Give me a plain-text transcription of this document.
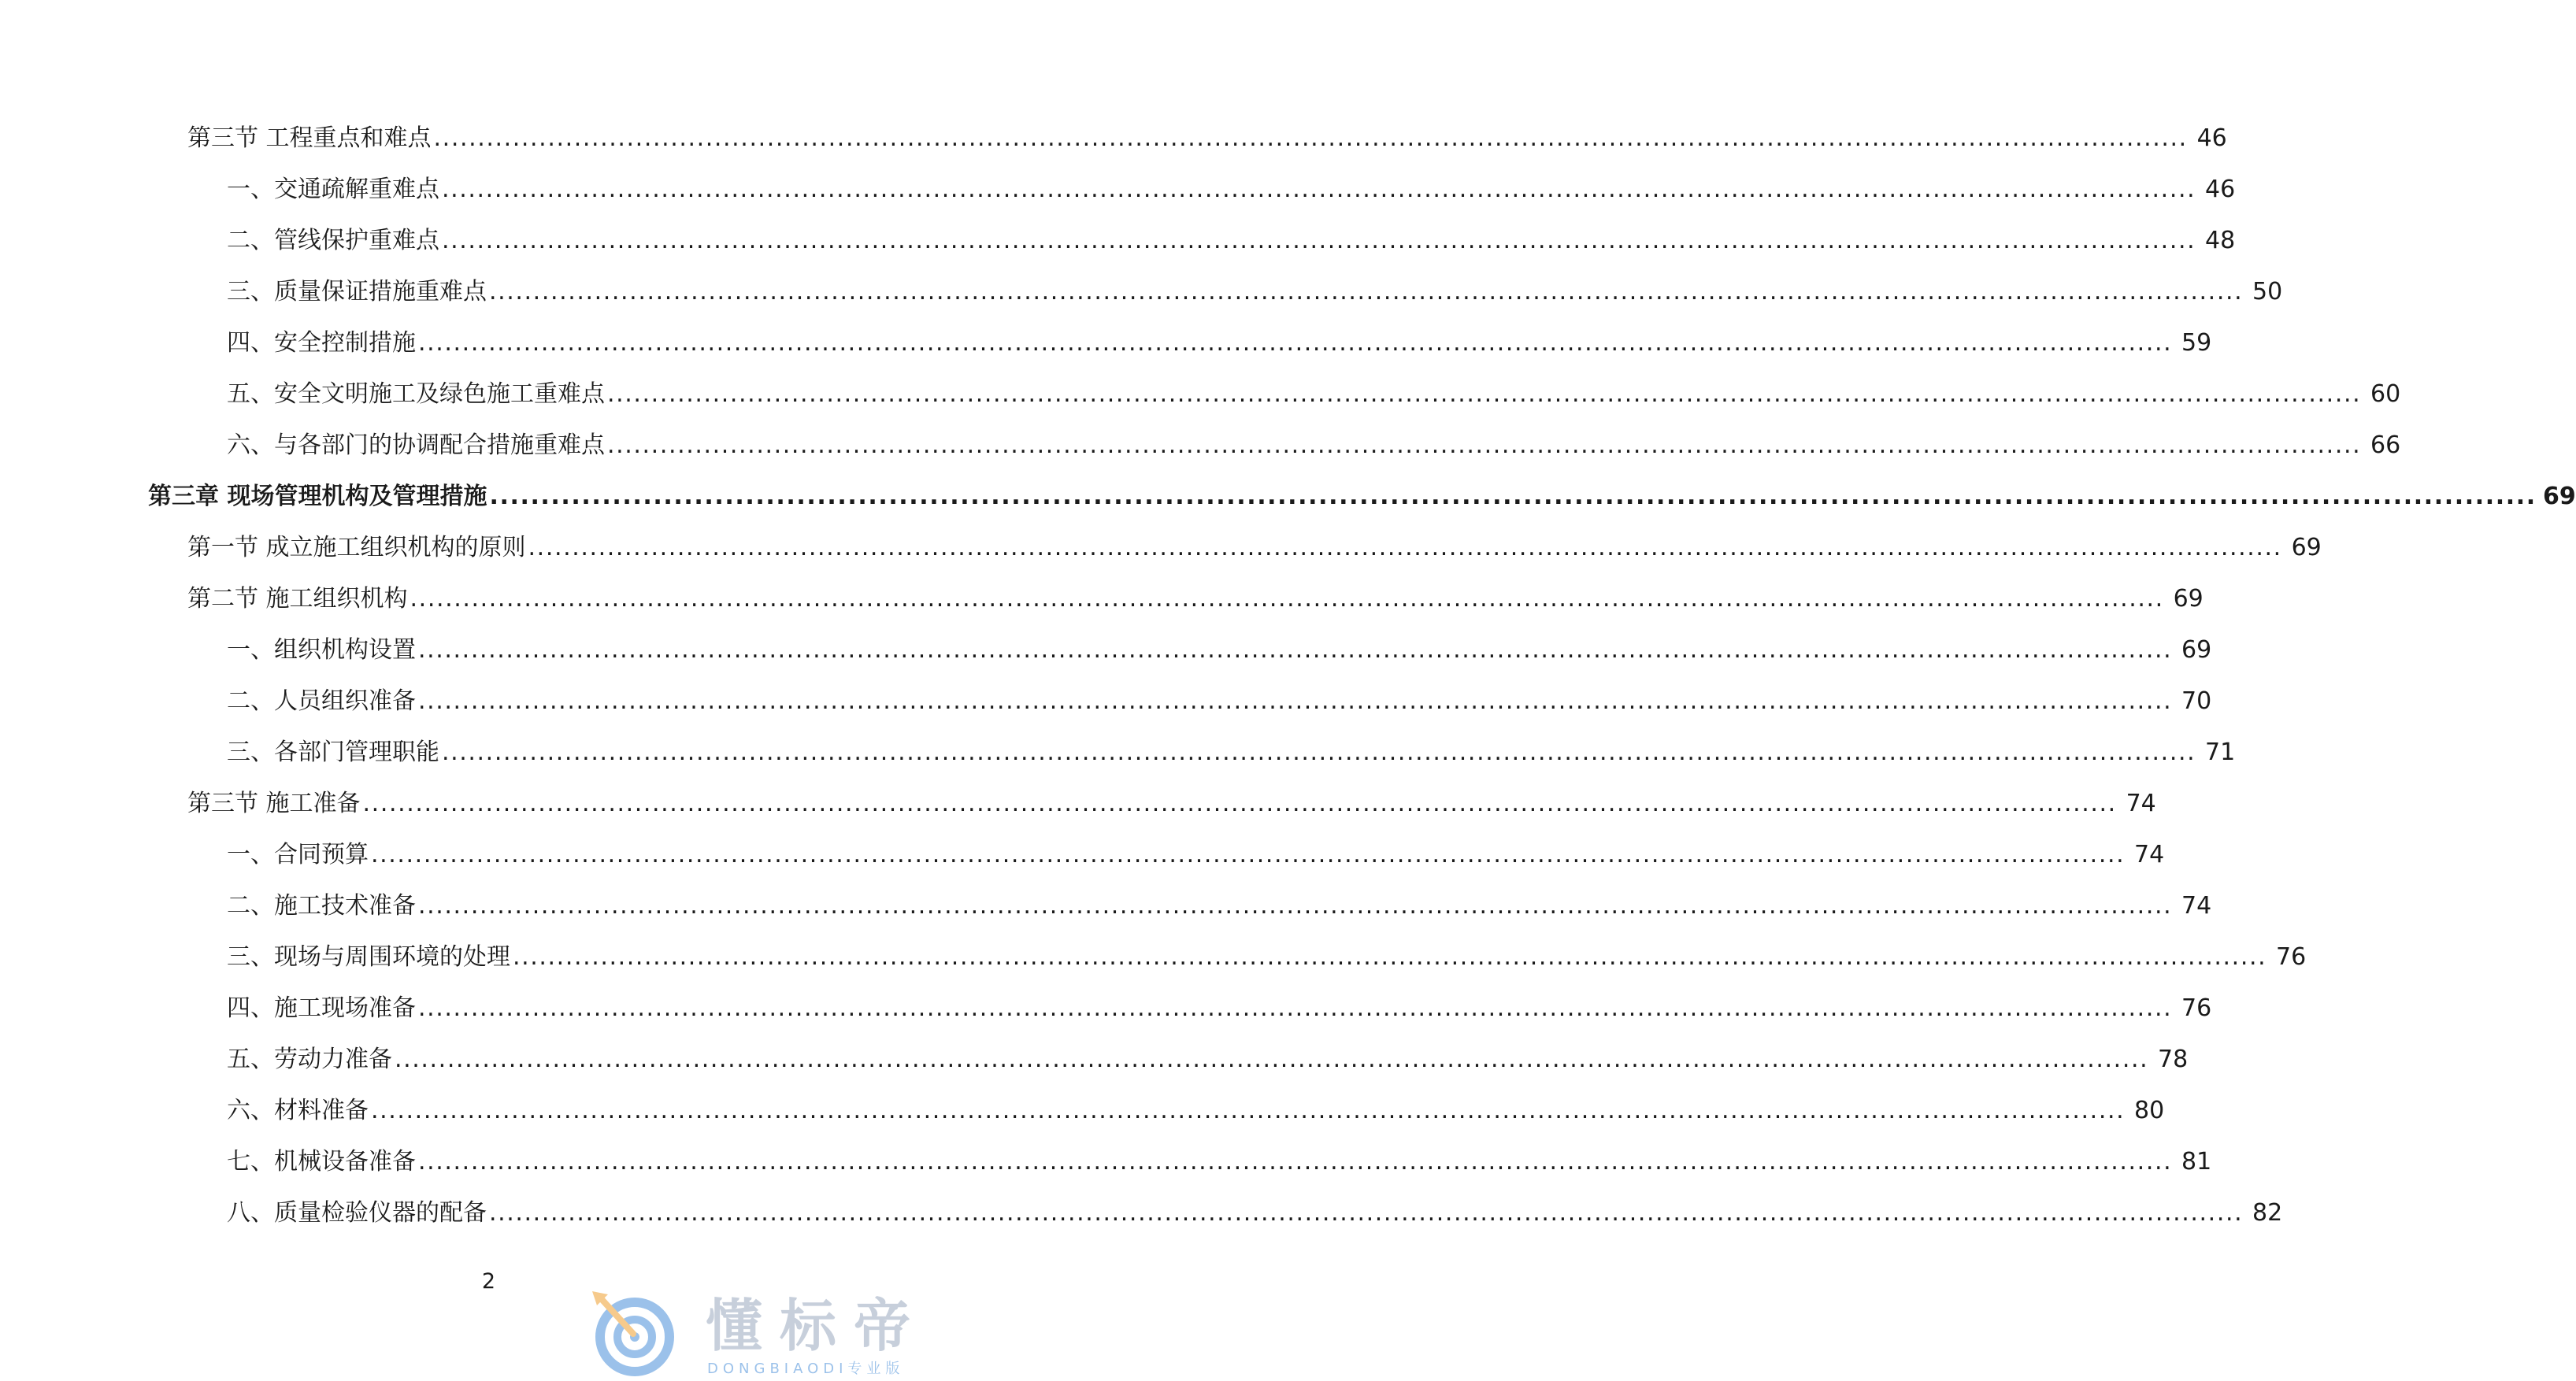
第三节 工程重点和难点 ........................................................................................................................................................................................................ 46
一、交通疏解重难点 ........................................................................................................................................................................................................ 46
二、管线保护重难点 ........................................................................................................................................................................................................ 48
三、质量保证措施重难点 ........................................................................................................................................................................................................ 50
四、安全控制措施 ........................................................................................................................................................................................................ 59
五、安全文明施工及绿色施工重难点 ........................................................................................................................................................................................................ 60
六、与各部门的协调配合措施重难点 ........................................................................................................................................................................................................ 66
第三章 现场管理机构及管理措施 ........................................................................................................................................................................................................ 69
第一节 成立施工组织机构的原则 ........................................................................................................................................................................................................ 69
第二节 施工组织机构 ........................................................................................................................................................................................................ 69
一、组织机构设置 ........................................................................................................................................................................................................ 69
二、人员组织准备 ........................................................................................................................................................................................................ 70
三、各部门管理职能 ........................................................................................................................................................................................................ 71
第三节 施工准备 ........................................................................................................................................................................................................ 74
一、合同预算 ........................................................................................................................................................................................................ 74
二、施工技术准备 ........................................................................................................................................................................................................ 74
三、现场与周围环境的处理 ........................................................................................................................................................................................................ 76
四、施工现场准备 ........................................................................................................................................................................................................ 76
五、劳动力准备 ........................................................................................................................................................................................................ 78
六、材料准备 ........................................................................................................................................................................................................ 80
七、机械设备准备 ........................................................................................................................................................................................................ 81
八、质量检验仪器的配备 ........................................................................................................................................................................................................ 82
2
懂标帝
DONGBIAODI专业版
